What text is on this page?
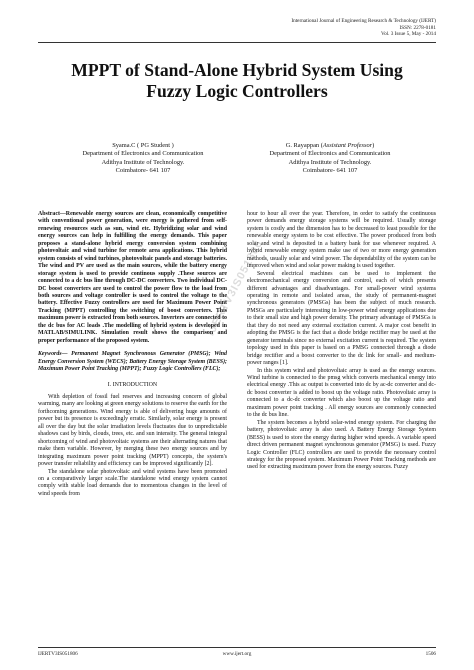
International Journal of Engineering Research & Technology (IJERT)
ISSN: 2278-0181
Vol. 3 Issue 5, May - 2014
MPPT of Stand-Alone Hybrid System Using
Fuzzy Logic Controllers
Syama.C ( PG Student )
Department of Electronics and Communication
Adithya Institute of Technology.
Coimbatore- 641 107
G. Rayappan (Assistant Professor)
Department of Electronics and Communication
Adithya Institute of Technology.
Coimbatore- 641 107

Abstract—Renewable energy sources are clean, economically competitive with conventional power generation, were energy is gathered from self-renewing resources such as sun, wind etc. Hybridizing solar and wind energy sources can help in fulfilling the energy demands. This paper proposes a stand-alone hybrid energy conversion system combining photovoltaic and wind turbine for remote area applications. This hybrid system consists of wind turbines, photovoltaic panels and storage batteries. The wind and PV are used as the main sources, while the battery energy storage system is used to provide continous supply .These sources are connected to a dc bus line through DC-DC converters. Two individual DC-DC boost converters are used to control the power flow to the load from both sources and voltage controller is used to control the voltage to the battery. Effective Fuzzy controllers are used for Maximum Power Point Tracking (MPPT) controlling the switching of boost converters. This maximum power is extracted from both sources. Inverters are connected to the dc bus for AC loads .The modelling of hybrid system is developed in MATLAB/SIMULINK. Simulation result shows the comparison and proper performance of the proposed system.

Keywords— Permanent Magnet Synchronous Generator (PMSG); Wind Energy Conversion System (WECS); Battery Energy Storage System (BESS); Maximum Power Point Tracking (MPPT); Fuzzy Logic Controllers (FLC);

I. INTRODUCTION

With depletion of fossil fuel reserves and increasing concern of global warming, many are looking at green energy solutions to reserve the earth for the forthcoming generations. Wind energy is able of delivering huge amounts of power but its presence is exceedingly erratic. Similarly, solar energy is present all over the day but the solar irradiation levels fluctuates due to unpredictable shadows cast by birds, clouds, trees, etc. and sun intensity. The general integral shortcoming of wind and photovoltaic systems are their alternating natures that make them variable. However, by merging these two energy sources and by integrating maximum power point tracking (MPPT) concepts, the system's power transfer reliability and efficiency can be improved significantly [2].

The standalone solar photovoltaic and wind systems have been promoted on a comparatively larger scale.The standalone wind energy system cannot comply with stable load demands due to momentous changes in the level of wind speeds from

hour to hour all over the year. Therefore, in order to satisfy the continuous power demands energy storage systems will be required. Usually storage system is costly and the dimension has to be decreased to least possible for the renewable energy system to be cost effective. The power produced from both solar and wind is deposited in a battery bank for use whenever required. A hybrid renewable energy system make use of two or more energy generation methods, usually solar and wind power. The dependability of the system can be improved when wind and solar power making is used together.

Several electrical machines can be used to implement the electromechanical energy conversion and control, each of which presents different advantages and disadvantages. For small-power wind systems operating in remote and isolated areas, the study of permanent-magnet synchronous generators (PMSGs) has been the subject of much research. PMSGs are particularly interesting in low-power wind energy applications due to their small size and high power density. The primary advantage of PMSGs is that they do not need any external excitation current. A major cost benefit in adopting the PMSG is the fact that a diode bridge rectifier may be used at the generator terminals since no external excitation current is required. The system topology used in this paper is based on a PMSG connected through a diode bridge rectifier and a boost converter to the dc link for small- and medium-power ranges [1].

In this system wind and photovoltaic array is used as the energy sources. Wind turbine is connected to the pmsg which converts mechanical energy into electrical energy .This ac output is converted into dc by ac-dc converter and dc-dc boost converter is added to boost up the voltage ratio. Photovoltaic array is connected to a dc-dc converter which also boost up the voltage ratio and maximum power point tracking . All energy sources are commonly connected to the dc bus line.

The system becomes a hybrid solar-wind energy system. For charging the battery, photovoltaic array is also used. A Battery Energy Storage System (BESS) is used to store the energy during higher wind speeds. A variable speed direct driven permanent magnet synchronous generator (PMSG) is used. Fuzzy Logic Controller (FLC) controllers are used to provide the necessary control strategy for the proposed system. Maximum Power Point Tracking methods are used for extracting maximum power from the energy sources. Fuzzy

IJERTV3IS051806
IJERTV3IS051806	www.ijert.org	1506
